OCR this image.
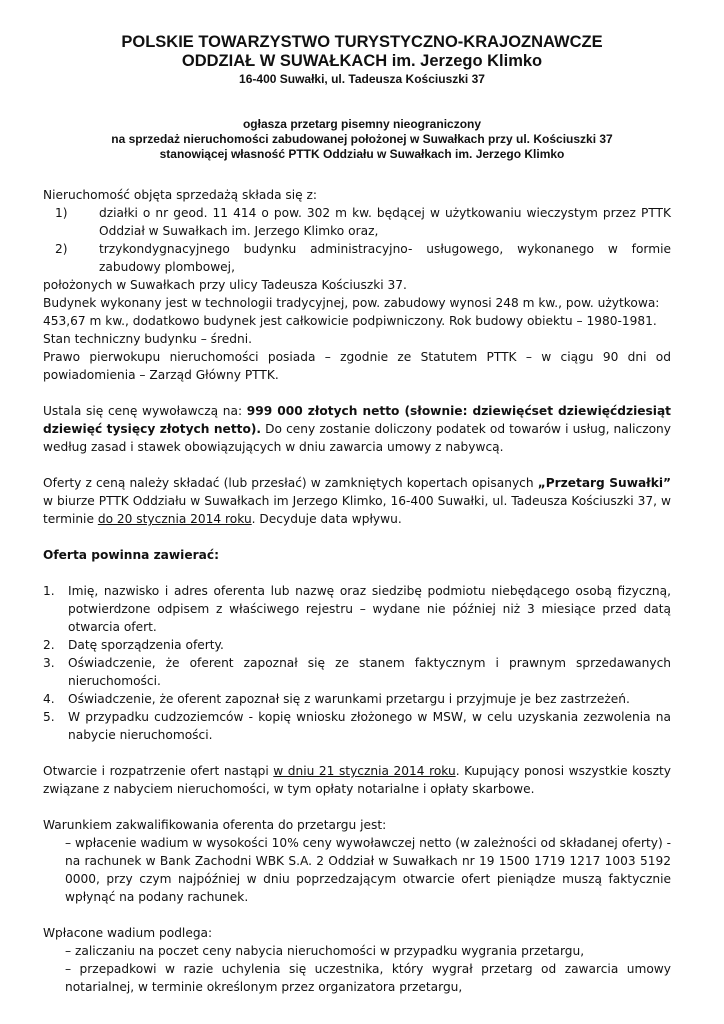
POLSKIE TOWARZYSTWO TURYSTYCZNO-KRAJOZNAWCZE
ODDZIAŁ W SUWAŁKACH im. Jerzego Klimko
16-400 Suwałki, ul. Tadeusza Kościuszki 37
ogłasza przetarg pisemny nieograniczony
na sprzedaż nieruchomości zabudowanej położonej w Suwałkach przy ul. Kościuszki 37
stanowiącej własność PTTK Oddziału w Suwałkach im. Jerzego Klimko

Nieruchomość objęta sprzedażą składa się z:

1)	działki o nr geod. 11 414 o pow. 302 m kw. będącej w użytkowaniu wieczystym przez PTTK Oddział w Suwałkach im. Jerzego Klimko oraz,
2)	trzykondygnacyjnego budynku administracyjno- usługowego, wykonanego w formie zabudowy plombowej,

położonych w Suwałkach przy ulicy Tadeusza Kościuszki 37.

Budynek wykonany jest w technologii tradycyjnej, pow. zabudowy wynosi 248 m kw., pow. użytkowa: 453,67 m kw., dodatkowo budynek jest całkowicie podpiwniczony. Rok budowy obiektu – 1980-1981.

Stan techniczny budynku – średni.

Prawo pierwokupu nieruchomości posiada – zgodnie ze Statutem PTTK – w ciągu 90 dni od powiadomienia – Zarząd Główny PTTK.

Ustala się cenę wywoławczą na: 999 000 złotych netto (słownie: dziewięćset dziewięćdziesiąt dziewięć tysięcy złotych netto). Do ceny zostanie doliczony podatek od towarów i usług, naliczony według zasad i stawek obowiązujących w dniu zawarcia umowy z nabywcą.

Oferty z ceną należy składać (lub przesłać) w zamkniętych kopertach opisanych „Przetarg Suwałki” w biurze PTTK Oddziału w Suwałkach im Jerzego Klimko, 16-400 Suwałki, ul. Tadeusza Kościuszki 37, w terminie do 20 stycznia 2014 roku. Decyduje data wpływu.

Oferta powinna zawierać:

1. Imię, nazwisko i adres oferenta lub nazwę oraz siedzibę podmiotu niebędącego osobą fizyczną, potwierdzone odpisem z właściwego rejestru – wydane nie później niż 3 miesiące przed datą otwarcia ofert.
2. Datę sporządzenia oferty.
3. Oświadczenie, że oferent zapoznał się ze stanem faktycznym i prawnym sprzedawanych nieruchomości.
4. Oświadczenie, że oferent zapoznał się z warunkami przetargu i przyjmuje je bez zastrzeżeń.
5. W przypadku cudzoziemców - kopię wniosku złożonego w MSW, w celu uzyskania zezwolenia na nabycie nieruchomości.

Otwarcie i rozpatrzenie ofert nastąpi w dniu 21 stycznia 2014 roku. Kupujący ponosi wszystkie koszty związane z nabyciem nieruchomości, w tym opłaty notarialne i opłaty skarbowe.

Warunkiem zakwalifikowania oferenta do przetargu jest:

– wpłacenie wadium w wysokości 10% ceny wywoławczej netto (w zależności od składanej oferty) - na rachunek w Bank Zachodni WBK S.A. 2 Oddział w Suwałkach nr 19 1500 1719 1217 1003 5192 0000, przy czym najpóźniej w dniu poprzedzającym otwarcie ofert pieniądze muszą faktycznie wpłynąć na podany rachunek.

Wpłacone wadium podlega:

– zaliczaniu na poczet ceny nabycia nieruchomości w przypadku wygrania przetargu,

– przepadkowi w razie uchylenia się uczestnika, który wygrał przetarg od zawarcia umowy notarialnej, w terminie określonym przez organizatora przetargu,
